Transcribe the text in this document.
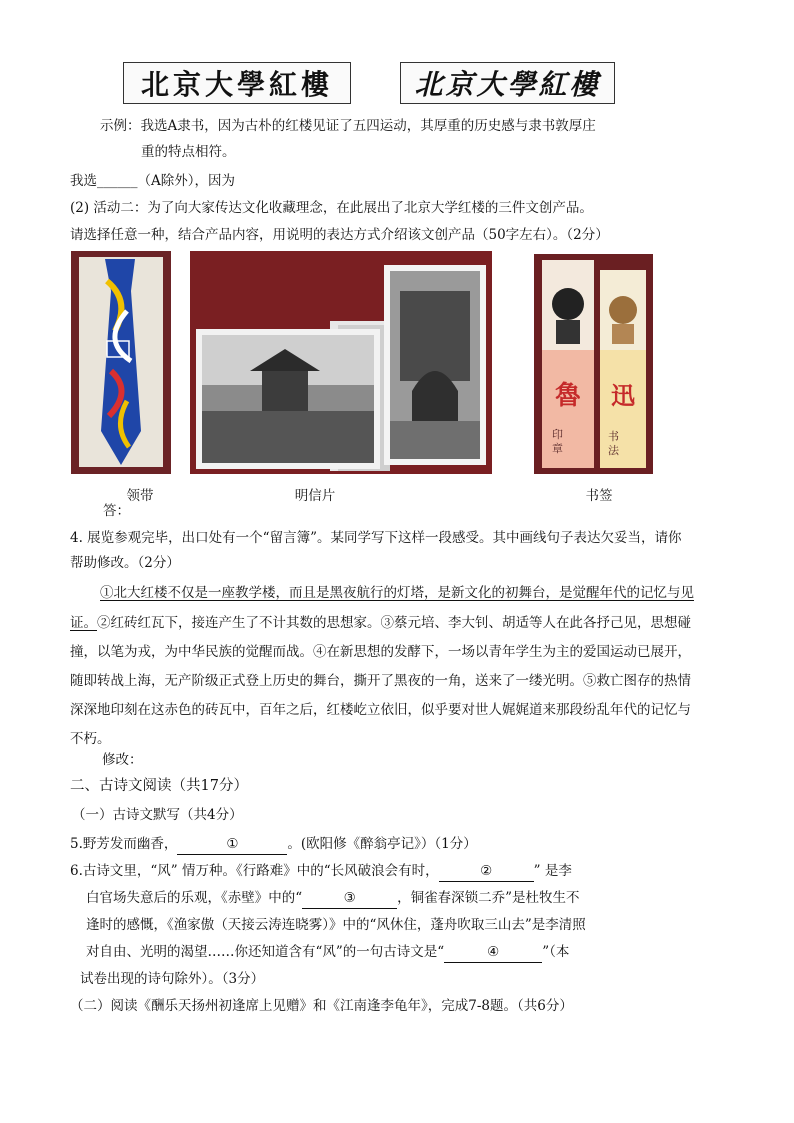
北京大學紅樓	北京大學紅樓
示例：我选A隶书，因为古朴的红楼见证了五四运动，其厚重的历史感与隶书敦厚庄
重的特点相符。
我选______（A除外），因为
(2) 活动二：为了向大家传达文化收藏理念，在此展出了北京大学红楼的三件文创产品。
请选择任意一种，结合产品内容，用说明的表达方式介绍该文创产品（50字左右）。（2分）
魯
印
章
迅
书
法
领带	明信片	书签
答：
4. 展览参观完毕，出口处有一个“留言簿”。某同学写下这样一段感受。其中画线句子表达欠妥当，请你
帮助修改。（2分）
①北大红楼不仅是一座教学楼，而且是黑夜航行的灯塔，是新文化的初舞台，是觉醒年代的记忆与见
证。②红砖红瓦下，接连产生了不计其数的思想家。③蔡元培、李大钊、胡适等人在此各抒己见，思想碰
撞，以笔为戎，为中华民族的觉醒而战。④在新思想的发酵下，一场以青年学生为主的爱国运动已展开，
随即转战上海，无产阶级正式登上历史的舞台，撕开了黑夜的一角，送来了一缕光明。⑤救亡图存的热情
深深地印刻在这赤色的砖瓦中，百年之后，红楼屹立依旧，似乎要对世人娓娓道来那段纷乱年代的记忆与
不朽。
修改：
二、古诗文阅读（共17分）
（一）古诗文默写（共4分）
5.野芳发而幽香，	①	。(欧阳修《醉翁亭记》）（1分）
6.古诗文里，“风” 情万种。《行路难》中的“长风破浪会有时，	②	” 是李
白官场失意后的乐观，《赤壁》中的“	③	，铜雀春深锁二乔”是杜牧生不
逢时的感慨，《渔家傲（天接云涛连晓雾）》中的“风休住，蓬舟吹取三山去”是李清照
对自由、光明的渴望……你还知道含有“风”的一句古诗文是“	④	”（本
试卷出现的诗句除外）。（3分）
（二）阅读《酬乐天扬州初逢席上见赠》和《江南逢李龟年》，完成7-8题。（共6分）
